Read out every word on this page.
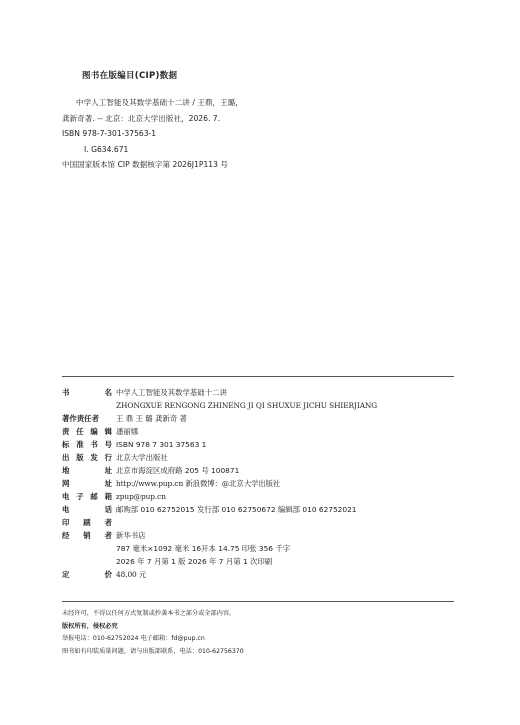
图书在版编目(CIP)数据
中学人工智能及其数学基础十二讲 / 王鼎，王璐，
龚新奇著. -- 北京：北京大学出版社，2026. 7.
ISBN 978-7-301-37563-1
Ⅰ. G634.671
中国国家版本馆 CIP 数据核字第 2026J1P113 号
书	名 中学人工智能及其数学基础十二讲
ZHONGXUE RENGONG ZHINENG JI QI SHUXUE JICHU SHIERJIANG
著作责任者 王 鼎 王 璐 龚新奇 著
责 任 编 辑 潘丽娜
标 准 书 号 ISBN 978 7 301 37563 1
出 版 发 行 北京大学出版社
地	址 北京市海淀区成府路 205 号 100871
网	址 http://www.pup.cn 新浪微博：@北京大学出版社
电 子 邮 箱 zpup@pup.cn
电	话 邮购部 010 62752015 发行部 010 62750672 编辑部 010 62752021
印 刷 者
经 销 者 新华书店
787 毫米×1092 毫米 16开本 14.75 印张 356 千字
2026 年 7 月第 1 版 2026 年 7 月第 1 次印刷
定	价 48.00 元
未经许可，不得以任何方式复制或抄袭本书之部分或全部内容。
版权所有，侵权必究
举报电话：010-62752024 电子邮箱：fd@pup.cn
图书如有印装质量问题，请与出版部联系，电话：010-62756370
